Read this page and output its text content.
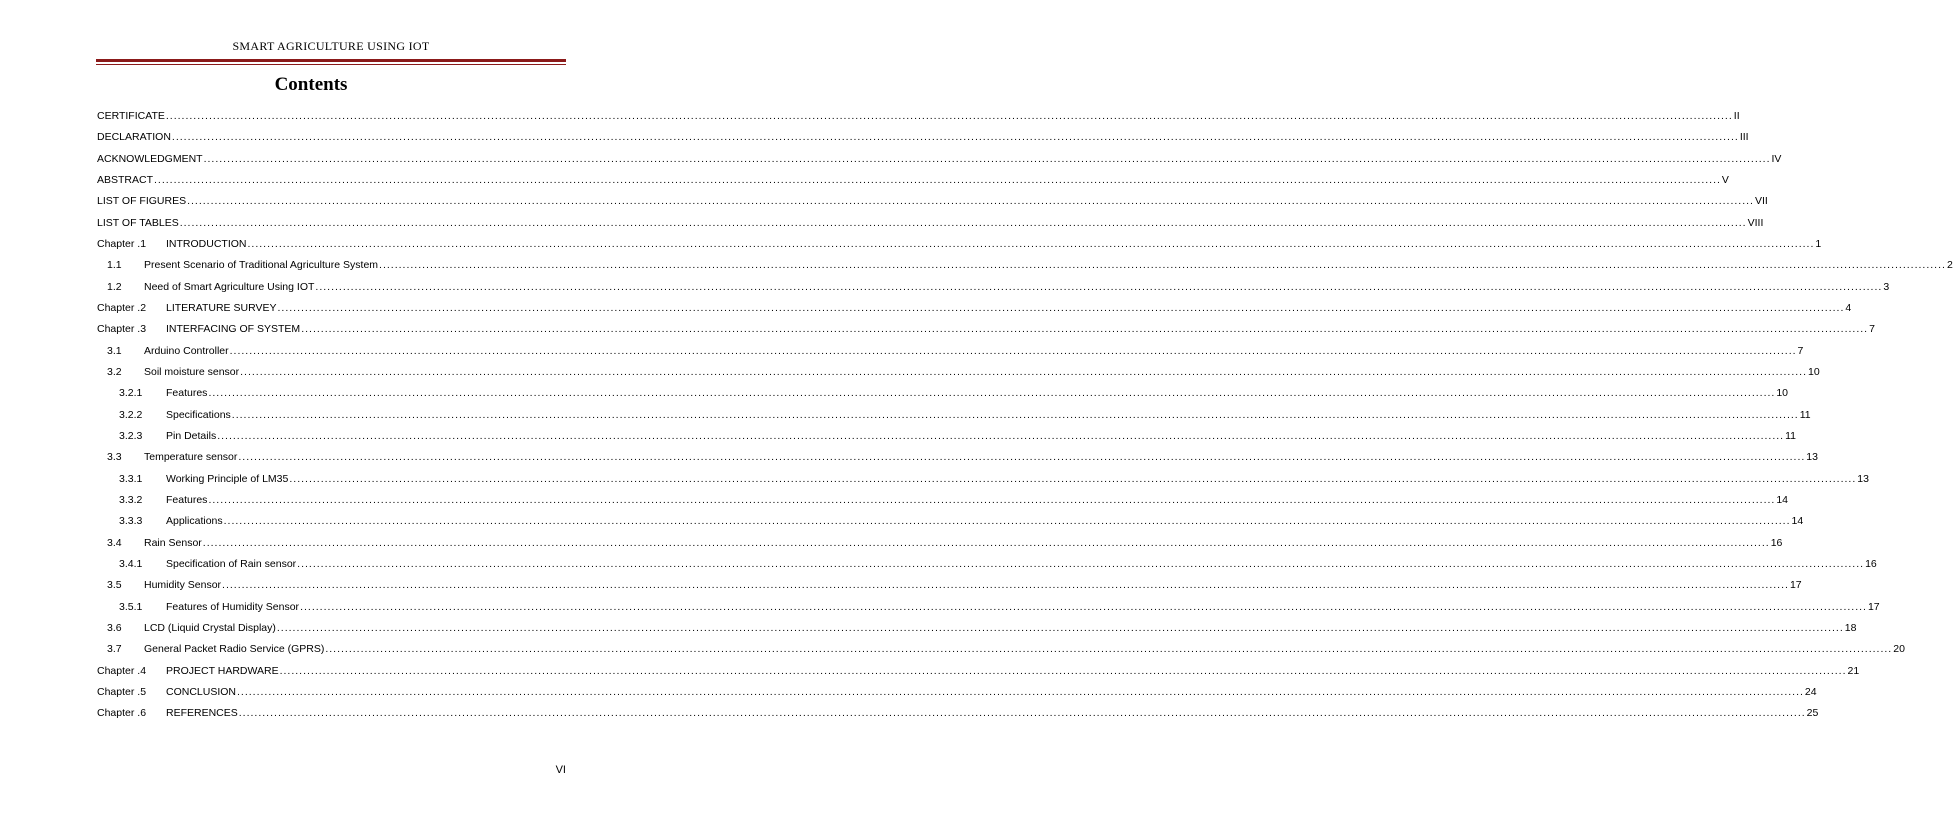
SMART AGRICULTURE USING IOT
Contents
CERTIFICATE ................................................................................................................................................................................................................................................................................................................................................................................................................ II
DECLARATION ................................................................................................................................................................................................................................................................................................................................................................................................................ III
ACKNOWLEDGMENT ................................................................................................................................................................................................................................................................................................................................................................................................................ IV
ABSTRACT ................................................................................................................................................................................................................................................................................................................................................................................................................ V
LIST OF FIGURES ................................................................................................................................................................................................................................................................................................................................................................................................................ VII
LIST OF TABLES ................................................................................................................................................................................................................................................................................................................................................................................................................ VIII
Chapter .1	INTRODUCTION ................................................................................................................................................................................................................................................................................................................................................................................................................ 1
1.1	Present Scenario of Traditional Agriculture System ................................................................................................................................................................................................................................................................................................................................................................................................................ 2
1.2	Need of Smart Agriculture Using IOT ................................................................................................................................................................................................................................................................................................................................................................................................................ 3
Chapter .2	LITERATURE SURVEY ................................................................................................................................................................................................................................................................................................................................................................................................................ 4
Chapter .3	INTERFACING OF SYSTEM ................................................................................................................................................................................................................................................................................................................................................................................................................ 7
3.1	Arduino Controller ................................................................................................................................................................................................................................................................................................................................................................................................................ 7
3.2	Soil moisture sensor ................................................................................................................................................................................................................................................................................................................................................................................................................ 10
3.2.1	Features ................................................................................................................................................................................................................................................................................................................................................................................................................ 10
3.2.2	Specifications ................................................................................................................................................................................................................................................................................................................................................................................................................ 11
3.2.3	Pin Details ................................................................................................................................................................................................................................................................................................................................................................................................................ 11
3.3	Temperature sensor ................................................................................................................................................................................................................................................................................................................................................................................................................ 13
3.3.1	Working Principle of LM35 ................................................................................................................................................................................................................................................................................................................................................................................................................ 13
3.3.2	Features ................................................................................................................................................................................................................................................................................................................................................................................................................ 14
3.3.3	Applications ................................................................................................................................................................................................................................................................................................................................................................................................................ 14
3.4	Rain Sensor ................................................................................................................................................................................................................................................................................................................................................................................................................ 16
3.4.1	Specification of Rain sensor ................................................................................................................................................................................................................................................................................................................................................................................................................ 16
3.5	Humidity Sensor ................................................................................................................................................................................................................................................................................................................................................................................................................ 17
3.5.1	Features of Humidity Sensor ................................................................................................................................................................................................................................................................................................................................................................................................................ 17
3.6	LCD (Liquid Crystal Display) ................................................................................................................................................................................................................................................................................................................................................................................................................ 18
3.7	General Packet Radio Service (GPRS) ................................................................................................................................................................................................................................................................................................................................................................................................................ 20
Chapter .4	PROJECT HARDWARE ................................................................................................................................................................................................................................................................................................................................................................................................................ 21
Chapter .5	CONCLUSION ................................................................................................................................................................................................................................................................................................................................................................................................................ 24
Chapter .6	REFERENCES ................................................................................................................................................................................................................................................................................................................................................................................................................ 25
VI
